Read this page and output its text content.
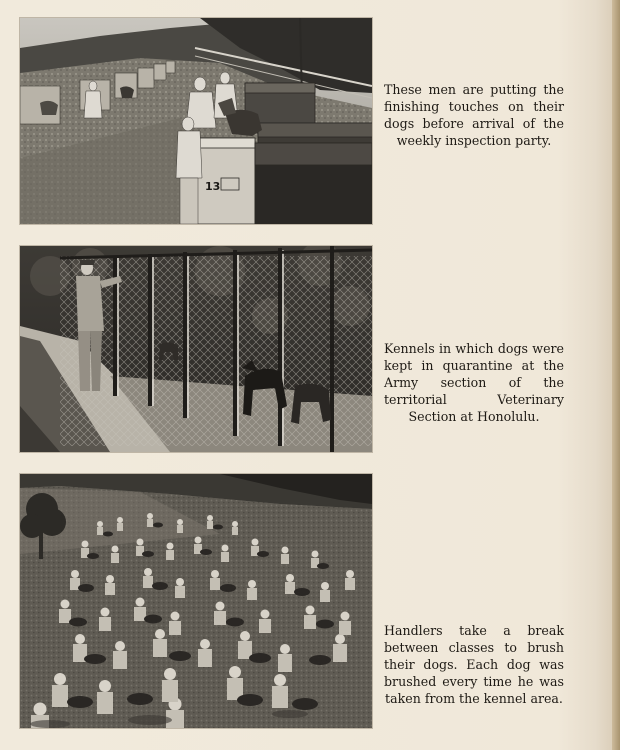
13
These men are putting the finishing touches on their dogs before arrival of the weekly inspection party.
Kennels in which dogs were kept in quarantine at the Army section of the territorial Veterinary Section at Honolulu.
Handlers take a break between classes to brush their dogs. Each dog was brushed every time he was taken from the kennel area.
